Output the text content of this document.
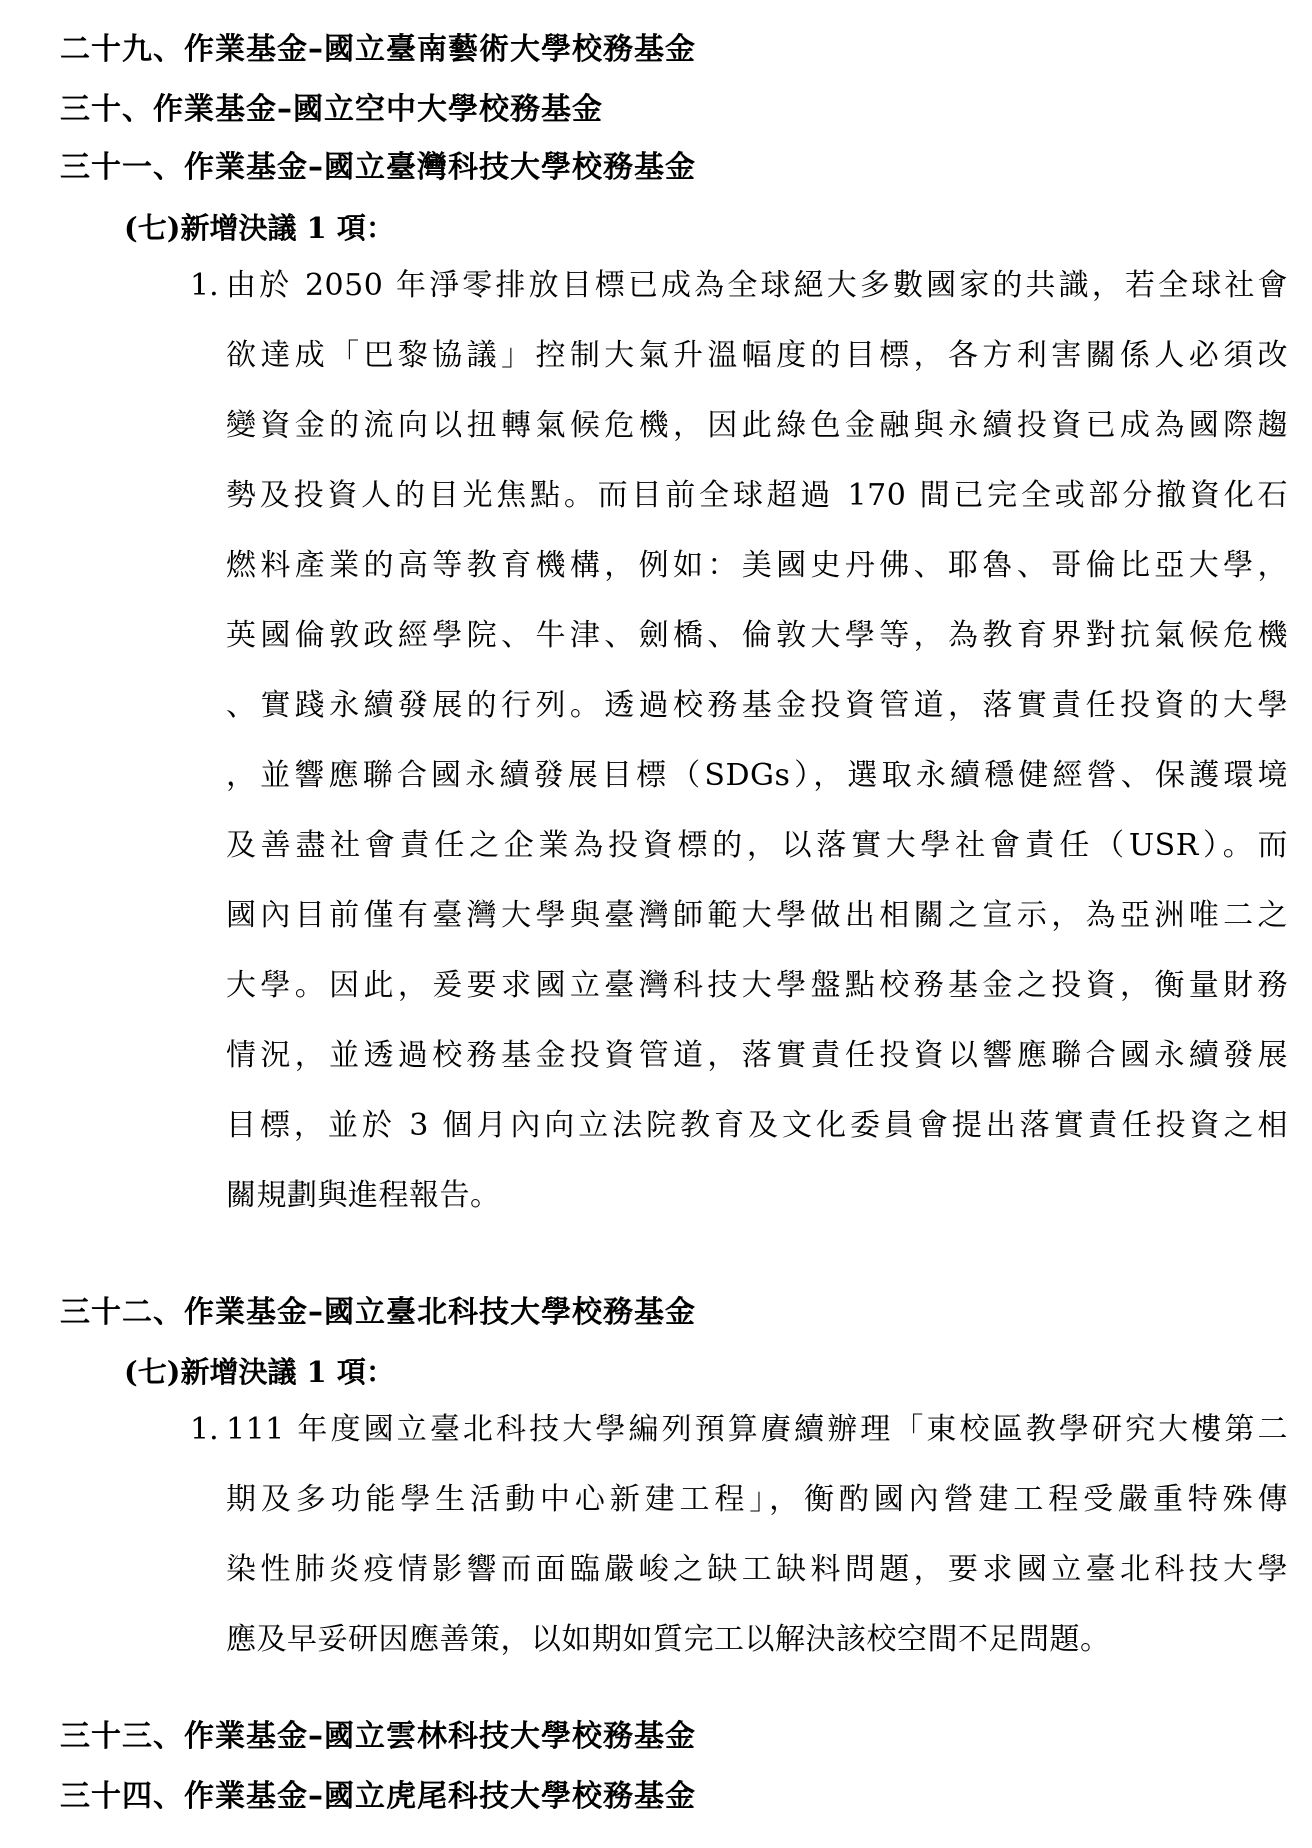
二十九、作業基金–國立臺南藝術大學校務基金
三十、作業基金–國立空中大學校務基金
三十一、作業基金–國立臺灣科技大學校務基金
(七)新增決議 1 項：
1. 由於 2050 年淨零排放目標已成為全球絕大多數國家的共識，若全球社會
欲達成「巴黎協議」控制大氣升溫幅度的目標，各方利害關係人必須改
變資金的流向以扭轉氣候危機，因此綠色金融與永續投資已成為國際趨
勢及投資人的目光焦點。而目前全球超過 170 間已完全或部分撤資化石
燃料產業的高等教育機構，例如：美國史丹佛、耶魯、哥倫比亞大學，
英國倫敦政經學院、牛津、劍橋、倫敦大學等，為教育界對抗氣候危機
、實踐永續發展的行列。透過校務基金投資管道，落實責任投資的大學
，並響應聯合國永續發展目標（SDGs），選取永續穩健經營、保護環境
及善盡社會責任之企業為投資標的，以落實大學社會責任（USR）。而
國內目前僅有臺灣大學與臺灣師範大學做出相關之宣示，為亞洲唯二之
大學。因此，爰要求國立臺灣科技大學盤點校務基金之投資，衡量財務
情況，並透過校務基金投資管道，落實責任投資以響應聯合國永續發展
目標，並於 3 個月內向立法院教育及文化委員會提出落實責任投資之相
關規劃與進程報告。
三十二、作業基金–國立臺北科技大學校務基金
(七)新增決議 1 項：
1. 111 年度國立臺北科技大學編列預算賡續辦理「東校區教學研究大樓第二
期及多功能學生活動中心新建工程」，衡酌國內營建工程受嚴重特殊傳
染性肺炎疫情影響而面臨嚴峻之缺工缺料問題，要求國立臺北科技大學
應及早妥研因應善策，以如期如質完工以解決該校空間不足問題。
三十三、作業基金–國立雲林科技大學校務基金
三十四、作業基金–國立虎尾科技大學校務基金
